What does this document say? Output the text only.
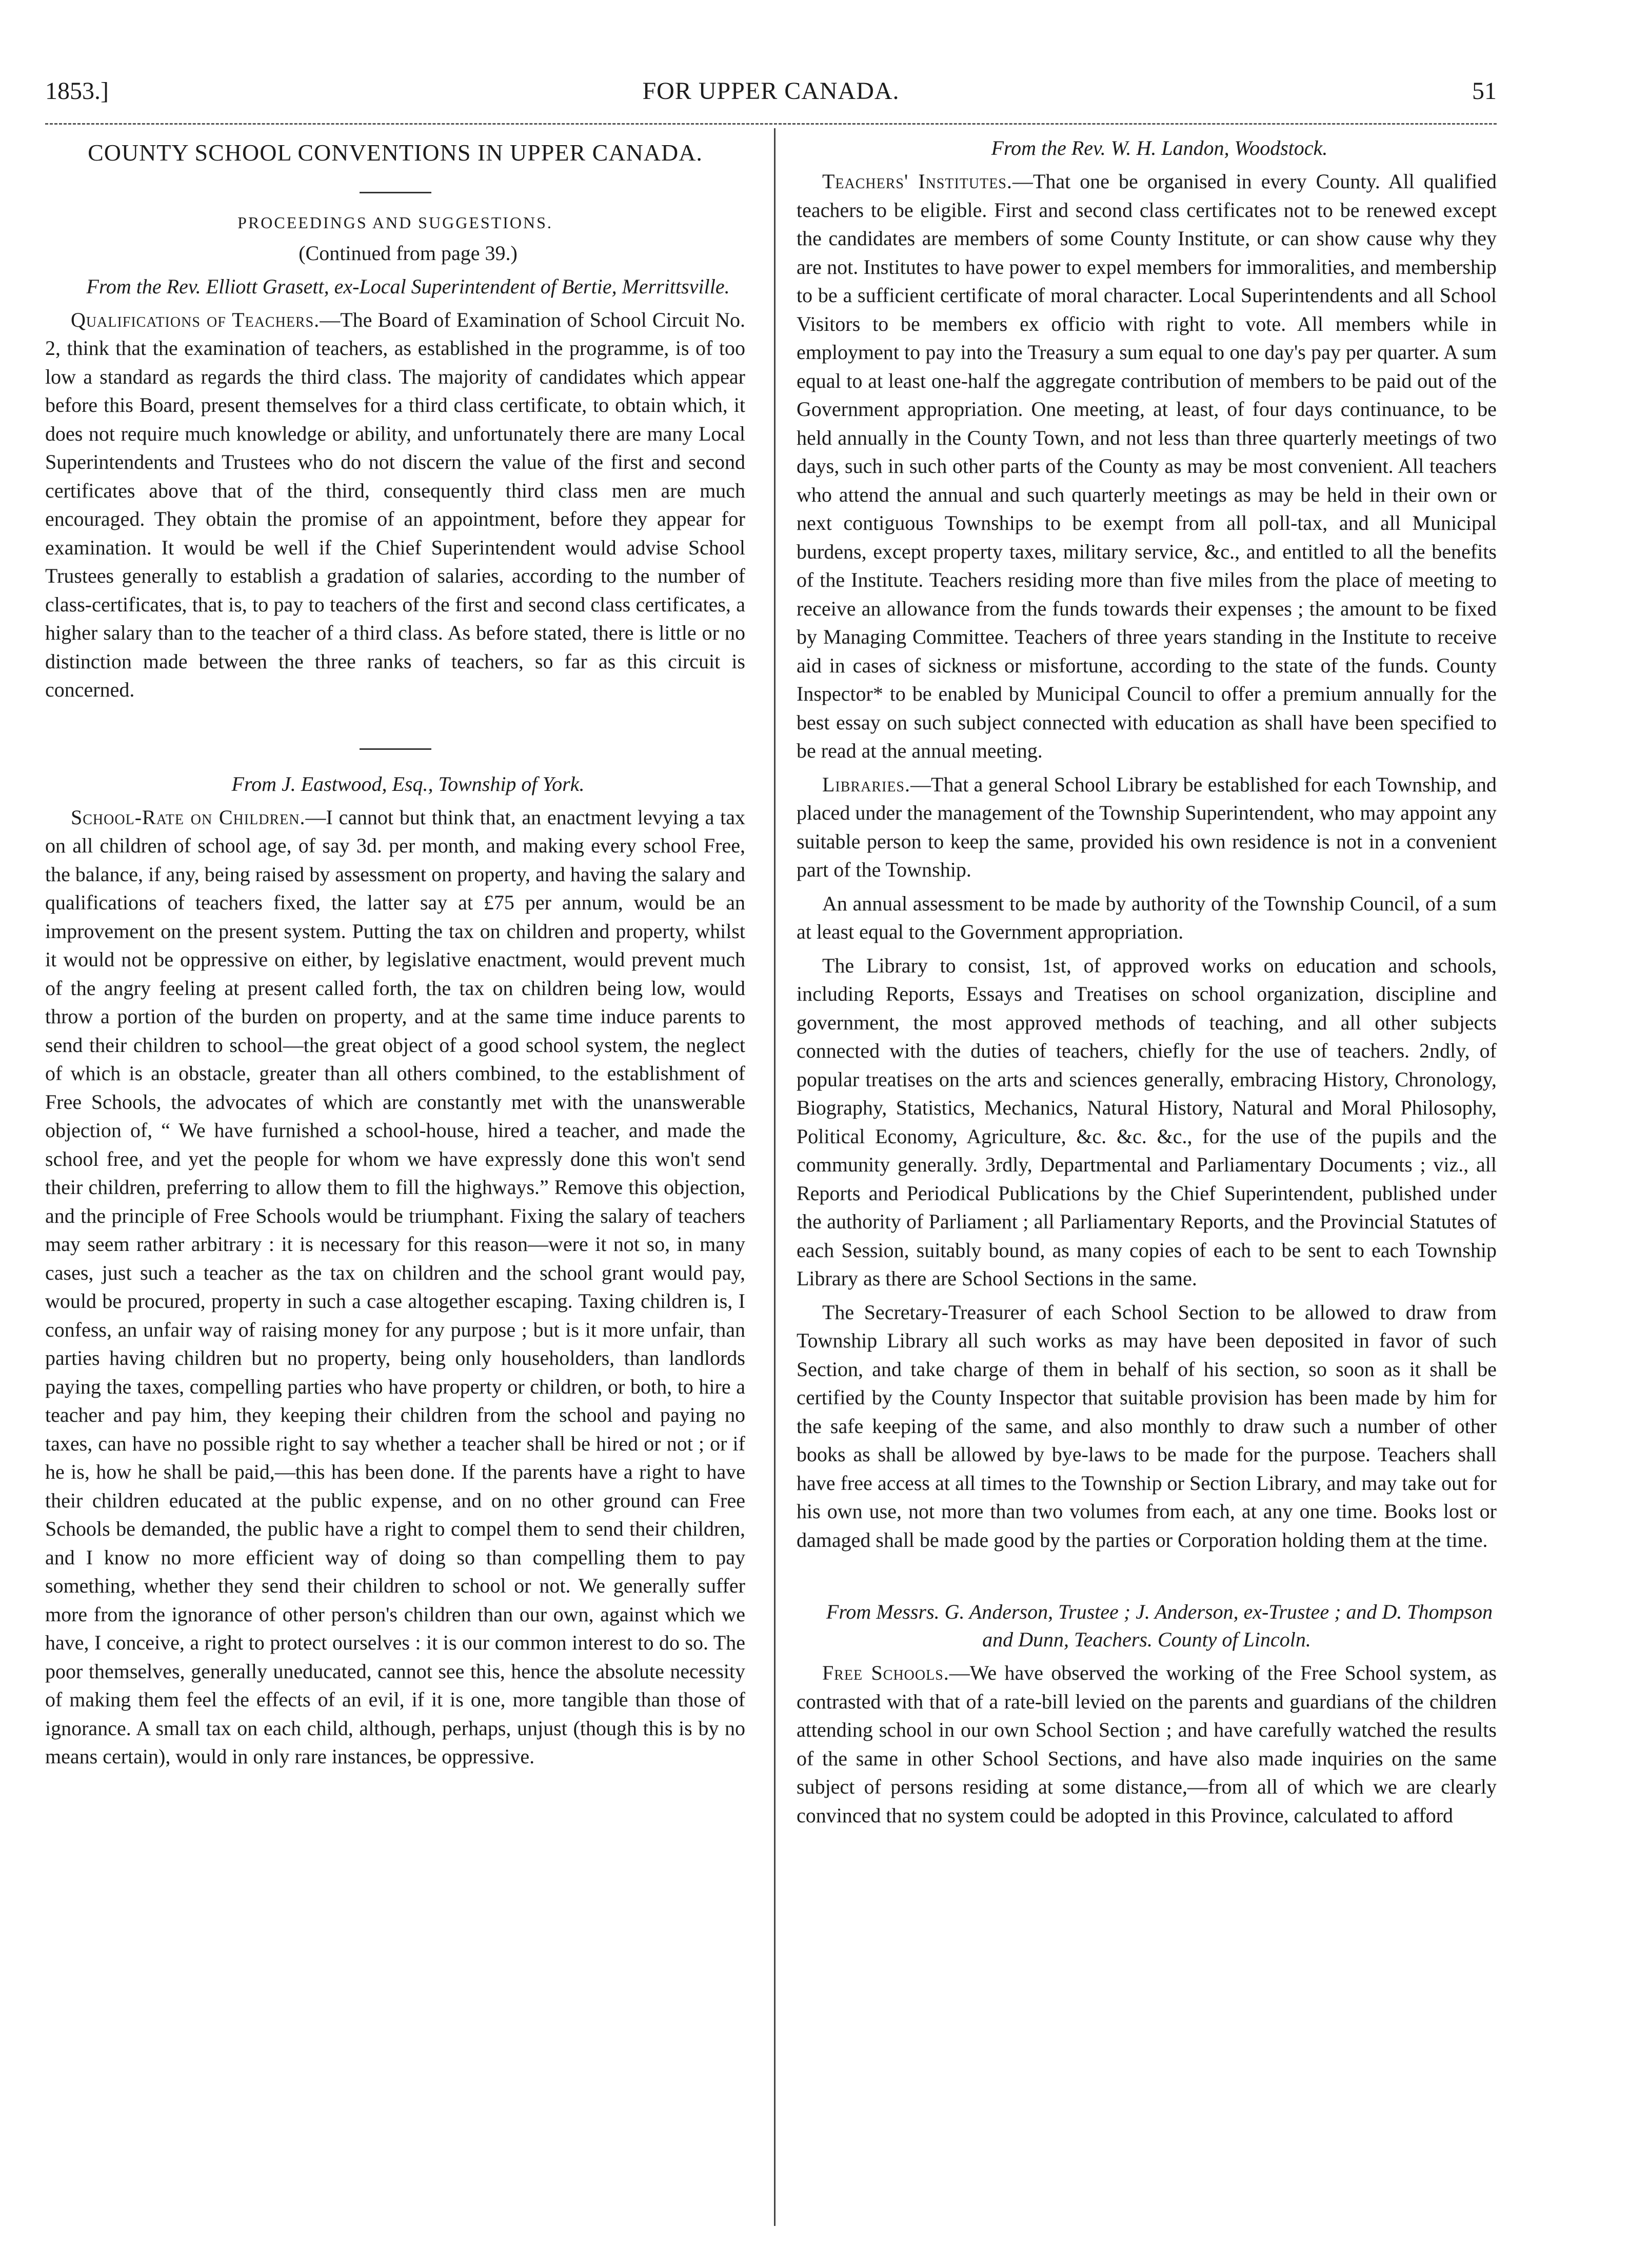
1853.]	FOR UPPER CANADA.	51
COUNTY SCHOOL CONVENTIONS IN UPPER CANADA.
PROCEEDINGS AND SUGGESTIONS.

(Continued from page 39.)

From the Rev. Elliott Grasett, ex-Local Superintendent of Bertie, Merrittsville.

Qualifications of Teachers.—The Board of Examination of School Circuit No. 2, think that the examination of teachers, as established in the programme, is of too low a standard as regards the third class. The majority of candidates which appear before this Board, present themselves for a third class certificate, to obtain which, it does not require much knowledge or ability, and unfortunately there are many Local Superintendents and Trustees who do not discern the value of the first and second certificates above that of the third, consequently third class men are much encouraged. They obtain the promise of an appointment, before they appear for examination. It would be well if the Chief Superintendent would advise School Trustees generally to establish a gradation of salaries, according to the number of class-certificates, that is, to pay to teachers of the first and second class certificates, a higher salary than to the teacher of a third class. As before stated, there is little or no distinction made between the three ranks of teachers, so far as this circuit is concerned.

From J. Eastwood, Esq., Township of York.

School-Rate on Children.—I cannot but think that, an enactment levying a tax on all children of school age, of say 3d. per month, and making every school Free, the balance, if any, being raised by assessment on property, and having the salary and qualifications of teachers fixed, the latter say at £75 per annum, would be an improvement on the present system. Putting the tax on children and property, whilst it would not be oppressive on either, by legislative enactment, would prevent much of the angry feeling at present called forth, the tax on children being low, would throw a portion of the burden on property, and at the same time induce parents to send their children to school—the great object of a good school system, the neglect of which is an obstacle, greater than all others combined, to the establishment of Free Schools, the advocates of which are constantly met with the unanswerable objection of, “ We have furnished a school-house, hired a teacher, and made the school free, and yet the people for whom we have expressly done this won't send their children, preferring to allow them to fill the highways.” Remove this objection, and the principle of Free Schools would be triumphant. Fixing the salary of teachers may seem rather arbitrary : it is necessary for this reason—were it not so, in many cases, just such a teacher as the tax on children and the school grant would pay, would be procured, property in such a case altogether escaping. Taxing children is, I confess, an unfair way of raising money for any purpose ; but is it more unfair, than parties having children but no property, being only householders, than landlords paying the taxes, compelling parties who have property or children, or both, to hire a teacher and pay him, they keeping their children from the school and paying no taxes, can have no possible right to say whether a teacher shall be hired or not ; or if he is, how he shall be paid,—this has been done. If the parents have a right to have their children educated at the public expense, and on no other ground can Free Schools be demanded, the public have a right to compel them to send their children, and I know no more efficient way of doing so than compelling them to pay something, whether they send their children to school or not. We generally suffer more from the ignorance of other person's children than our own, against which we have, I conceive, a right to protect ourselves : it is our common interest to do so. The poor themselves, generally uneducated, cannot see this, hence the absolute necessity of making them feel the effects of an evil, if it is one, more tangible than those of ignorance. A small tax on each child, although, perhaps, unjust (though this is by no means certain), would in only rare instances, be oppressive.

From the Rev. W. H. Landon, Woodstock.

Teachers' Institutes.—That one be organised in every County. All qualified teachers to be eligible. First and second class certificates not to be renewed except the candidates are members of some County Institute, or can show cause why they are not. Institutes to have power to expel members for immoralities, and membership to be a sufficient certificate of moral character. Local Superintendents and all School Visitors to be members ex officio with right to vote. All members while in employment to pay into the Treasury a sum equal to one day's pay per quarter. A sum equal to at least one-half the aggregate contribution of members to be paid out of the Government appropriation. One meeting, at least, of four days continuance, to be held annually in the County Town, and not less than three quarterly meetings of two days, such in such other parts of the County as may be most convenient. All teachers who attend the annual and such quarterly meetings as may be held in their own or next contiguous Townships to be exempt from all poll-tax, and all Municipal burdens, except property taxes, military service, &c., and entitled to all the benefits of the Institute. Teachers residing more than five miles from the place of meeting to receive an allowance from the funds towards their expenses ; the amount to be fixed by Managing Committee. Teachers of three years standing in the Institute to receive aid in cases of sickness or misfortune, according to the state of the funds. County Inspector* to be enabled by Municipal Council to offer a premium annually for the best essay on such subject connected with education as shall have been specified to be read at the annual meeting.

Libraries.—That a general School Library be established for each Township, and placed under the management of the Township Superintendent, who may appoint any suitable person to keep the same, provided his own residence is not in a convenient part of the Township.

An annual assessment to be made by authority of the Township Council, of a sum at least equal to the Government appropriation.

The Library to consist, 1st, of approved works on education and schools, including Reports, Essays and Treatises on school organization, discipline and government, the most approved methods of teaching, and all other subjects connected with the duties of teachers, chiefly for the use of teachers. 2ndly, of popular treatises on the arts and sciences generally, embracing History, Chronology, Biography, Statistics, Mechanics, Natural History, Natural and Moral Philosophy, Political Economy, Agriculture, &c. &c. &c., for the use of the pupils and the community generally. 3rdly, Departmental and Parliamentary Documents ; viz., all Reports and Periodical Publications by the Chief Superintendent, published under the authority of Parliament ; all Parliamentary Reports, and the Provincial Statutes of each Session, suitably bound, as many copies of each to be sent to each Township Library as there are School Sections in the same.

The Secretary-Treasurer of each School Section to be allowed to draw from Township Library all such works as may have been deposited in favor of such Section, and take charge of them in behalf of his section, so soon as it shall be certified by the County Inspector that suitable provision has been made by him for the safe keeping of the same, and also monthly to draw such a number of other books as shall be allowed by bye-laws to be made for the purpose. Teachers shall have free access at all times to the Township or Section Library, and may take out for his own use, not more than two volumes from each, at any one time. Books lost or damaged shall be made good by the parties or Corporation holding them at the time.

From Messrs. G. Anderson, Trustee ; J. Anderson, ex-Trustee ; and D. Thompson and Dunn, Teachers. County of Lincoln.

Free Schools.—We have observed the working of the Free School system, as contrasted with that of a rate-bill levied on the parents and guardians of the children attending school in our own School Section ; and have carefully watched the results of the same in other School Sections, and have also made inquiries on the same subject of persons residing at some distance,—from all of which we are clearly convinced that no system could be adopted in this Province, calculated to afford
